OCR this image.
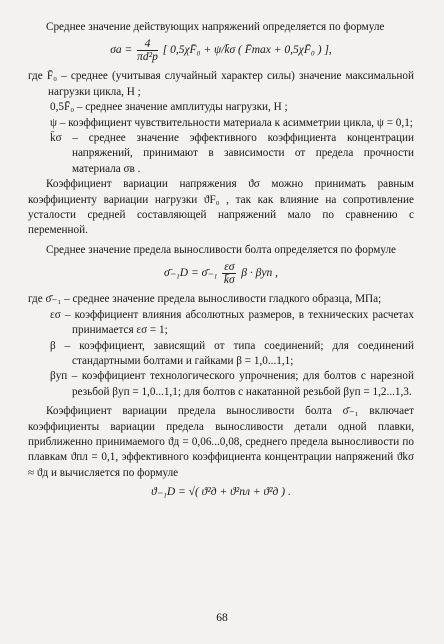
Среднее значение действующих напряжений определяется по формуле

$\sigma a = \frac{4}{\text{πd²p}}$ [ 0,5χF̄₀ + ψ/k̄σ ( F̄max + 0,5χF̄₀ ) ],

где F̄₀ – среднее (учитывая случайный характер силы) значение максимальной нагрузки цикла, Н ;

0,5F̄₀ – среднее значение амплитуды нагрузки, Н ;

ψ – коэффициент чувствительности материала к асимметрии цикла, ψ = 0,1;

k̄σ – среднее значение эффективного коэффициента концентрации напряжений, принимают в зависимости от предела прочности материала σв .

Коэффициент вариации напряжения ϑσ можно принимать равным коэффициенту вариации нагрузки ϑF₀ , так как влияние на сопротивление усталости средней составляющей напряжений мало по сравнению с переменной.

Среднее значение предела выносливости болта определяется по формуле

σ̄₋₁D = σ̄₋₁ $\frac{\varepsilon\sigma}{k̄\sigma}$ β · βуп ,

где σ̄₋₁ – среднее значение предела выносливости гладкого образца, МПа;

εσ – коэффициент влияния абсолютных размеров, в технических расчетах принимается εσ = 1;

β – коэффициент, зависящий от типа соединений; для соединений стандартными болтами и гайками β = 1,0...1,1;

βуп – коэффициент технологического упрочнения; для болтов с нарезной резьбой βуп = 1,0...1,1; для болтов с накатанной резьбой βуп = 1,2...1,3.

Коэффициент вариации предела выносливости болта σ̄₋₁ включает коэффициенты вариации предела выносливости детали одной плавки, приближенно принимаемого ϑд = 0,06...0,08, среднего предела выносливости по плавкам ϑпл = 0,1, эффективного коэффициента концентрации напряжений ϑkσ ≈ ϑд и вычисляется по формуле

ϑ₋₁D = √( ϑ²д + ϑ²пл + ϑ²д ) .
68
